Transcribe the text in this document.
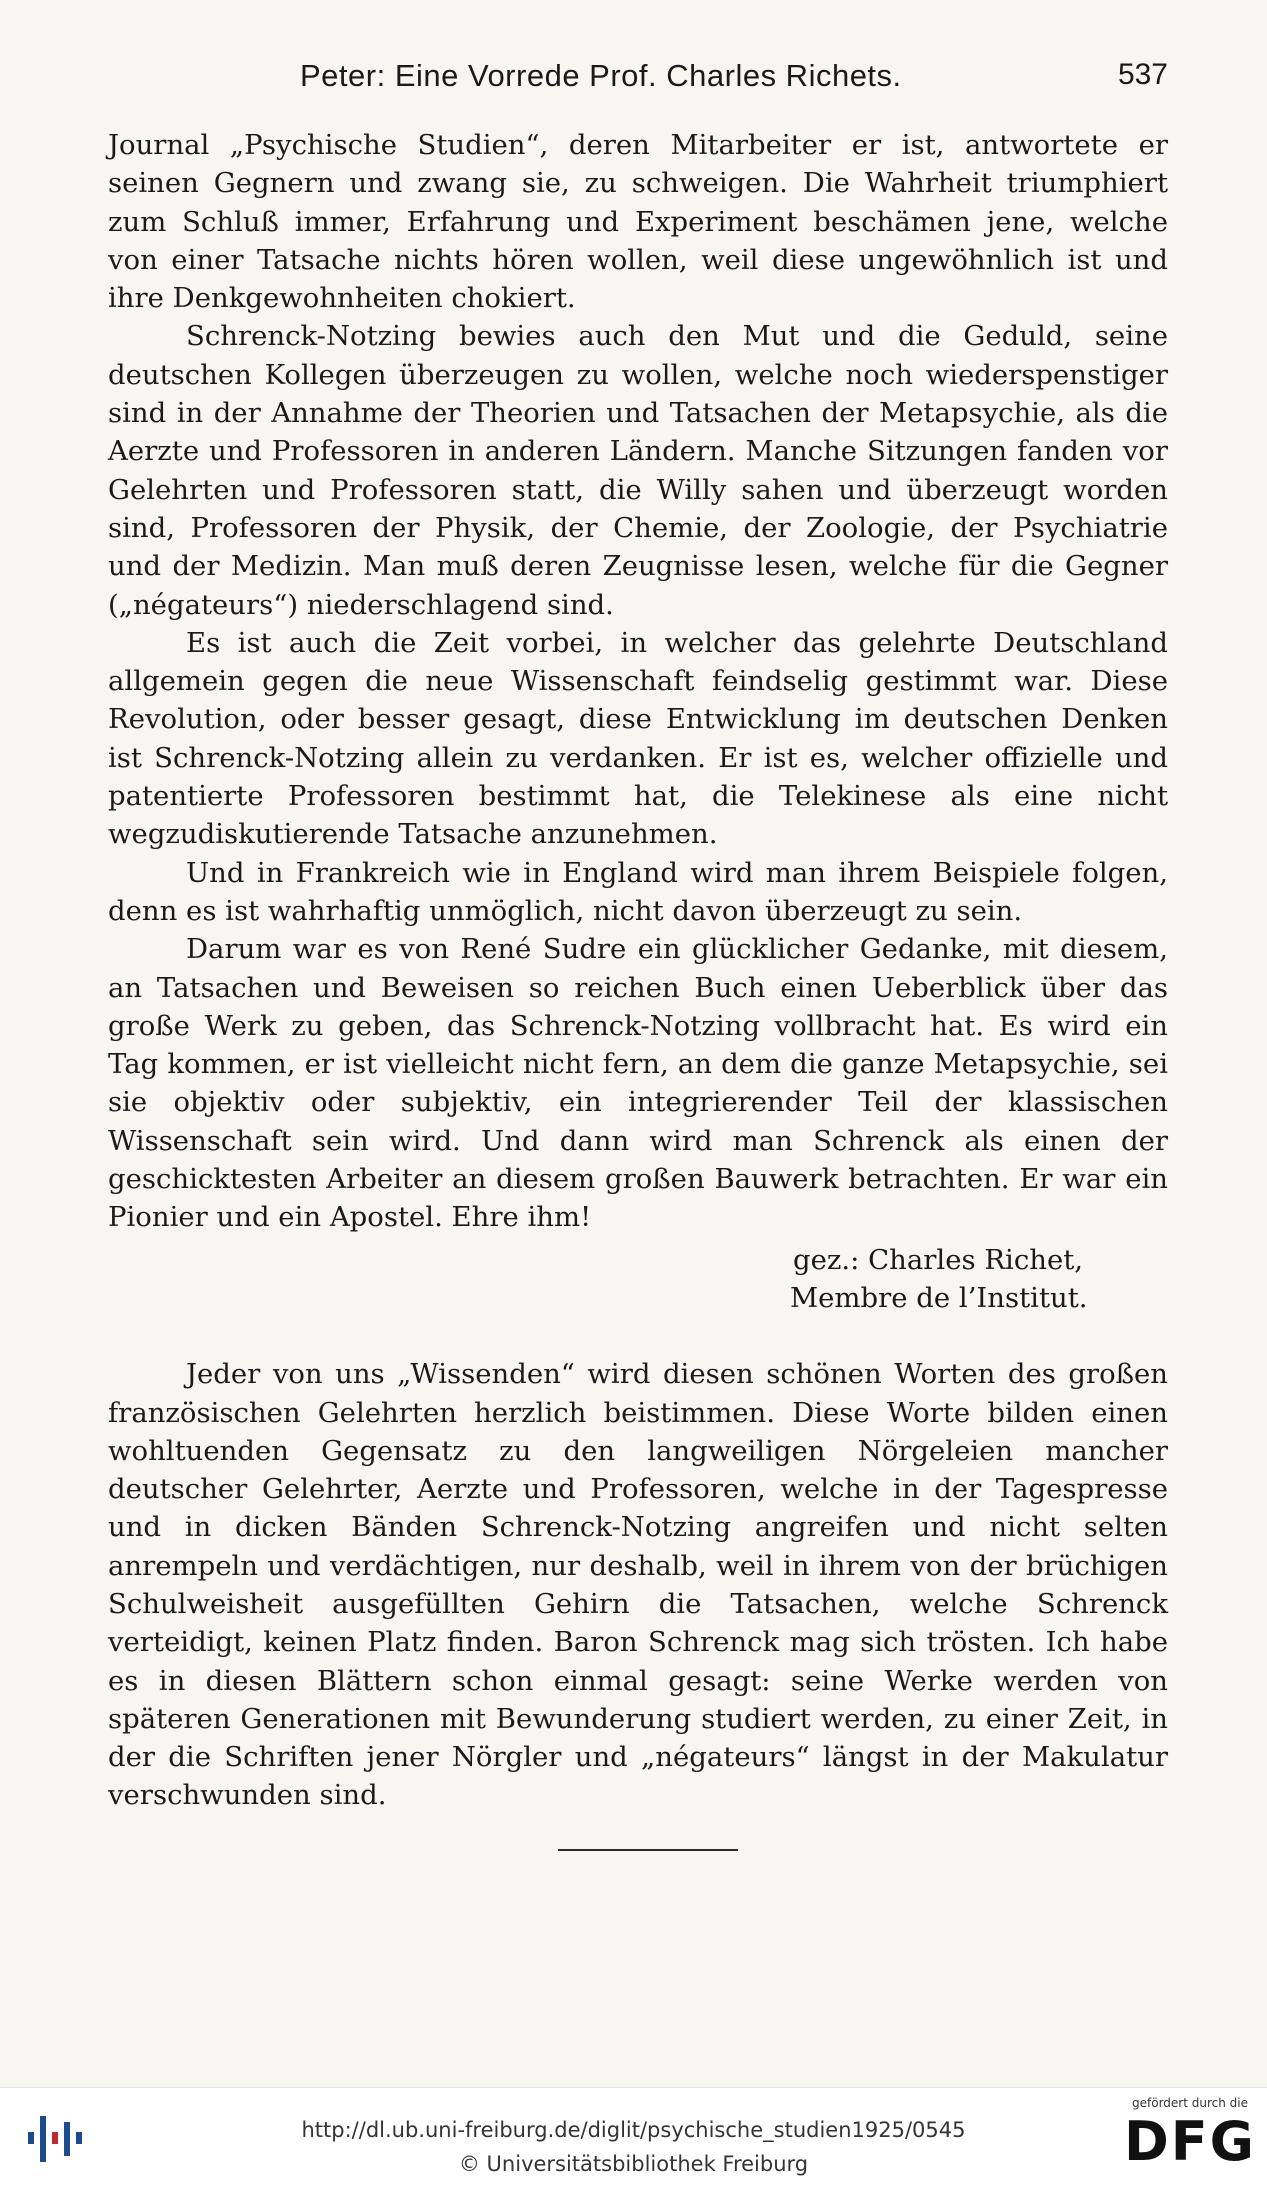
Peter: Eine Vorrede Prof. Charles Richets.	537

Journal „Psychische Studien“, deren Mitarbeiter er ist, antwortete er seinen Gegnern und zwang sie, zu schweigen. Die Wahrheit triumphiert zum Schluß immer, Erfahrung und Experiment beschämen jene, welche von einer Tatsache nichts hören wollen, weil diese ungewöhnlich ist und ihre Denkgewohnheiten chokiert.

Schrenck-Notzing bewies auch den Mut und die Geduld, seine deutschen Kollegen überzeugen zu wollen, welche noch wiederspenstiger sind in der Annahme der Theorien und Tatsachen der Metapsychie, als die Aerzte und Professoren in anderen Ländern. Manche Sitzungen fanden vor Gelehrten und Professoren statt, die Willy sahen und überzeugt worden sind, Professoren der Physik, der Chemie, der Zoologie, der Psychiatrie und der Medizin. Man muß deren Zeugnisse lesen, welche für die Gegner („négateurs“) niederschlagend sind.

Es ist auch die Zeit vorbei, in welcher das gelehrte Deutschland allgemein gegen die neue Wissenschaft feindselig gestimmt war. Diese Revolution, oder besser gesagt, diese Entwicklung im deutschen Denken ist Schrenck-Notzing allein zu verdanken. Er ist es, welcher offizielle und patentierte Professoren bestimmt hat, die Telekinese als eine nicht wegzudiskutierende Tatsache anzunehmen.

Und in Frankreich wie in England wird man ihrem Beispiele folgen, denn es ist wahrhaftig unmöglich, nicht davon überzeugt zu sein.

Darum war es von René Sudre ein glücklicher Gedanke, mit diesem, an Tatsachen und Beweisen so reichen Buch einen Ueberblick über das große Werk zu geben, das Schrenck-Notzing vollbracht hat. Es wird ein Tag kommen, er ist vielleicht nicht fern, an dem die ganze Metapsychie, sei sie objektiv oder subjektiv, ein integrierender Teil der klassischen Wissenschaft sein wird. Und dann wird man Schrenck als einen der geschicktesten Arbeiter an diesem großen Bauwerk betrachten. Er war ein Pionier und ein Apostel. Ehre ihm!

gez.: Charles Richet,
Membre de l’Institut.

Jeder von uns „Wissenden“ wird diesen schönen Worten des großen französischen Gelehrten herzlich beistimmen. Diese Worte bilden einen wohltuenden Gegensatz zu den langweiligen Nörgeleien mancher deutscher Gelehrter, Aerzte und Professoren, welche in der Tagespresse und in dicken Bänden Schrenck-Notzing angreifen und nicht selten anrempeln und verdächtigen, nur deshalb, weil in ihrem von der brüchigen Schulweisheit ausgefüllten Gehirn die Tatsachen, welche Schrenck verteidigt, keinen Platz finden. Baron Schrenck mag sich trösten. Ich habe es in diesen Blättern schon einmal gesagt: seine Werke werden von späteren Generationen mit Bewunderung studiert werden, zu einer Zeit, in der die Schriften jener Nörgler und „négateurs“ längst in der Makulatur verschwunden sind.

http://dl.ub.uni-freiburg.de/diglit/psychische_studien1925/0545
© Universitätsbibliothek Freiburg
gefördert durch die
DFG
